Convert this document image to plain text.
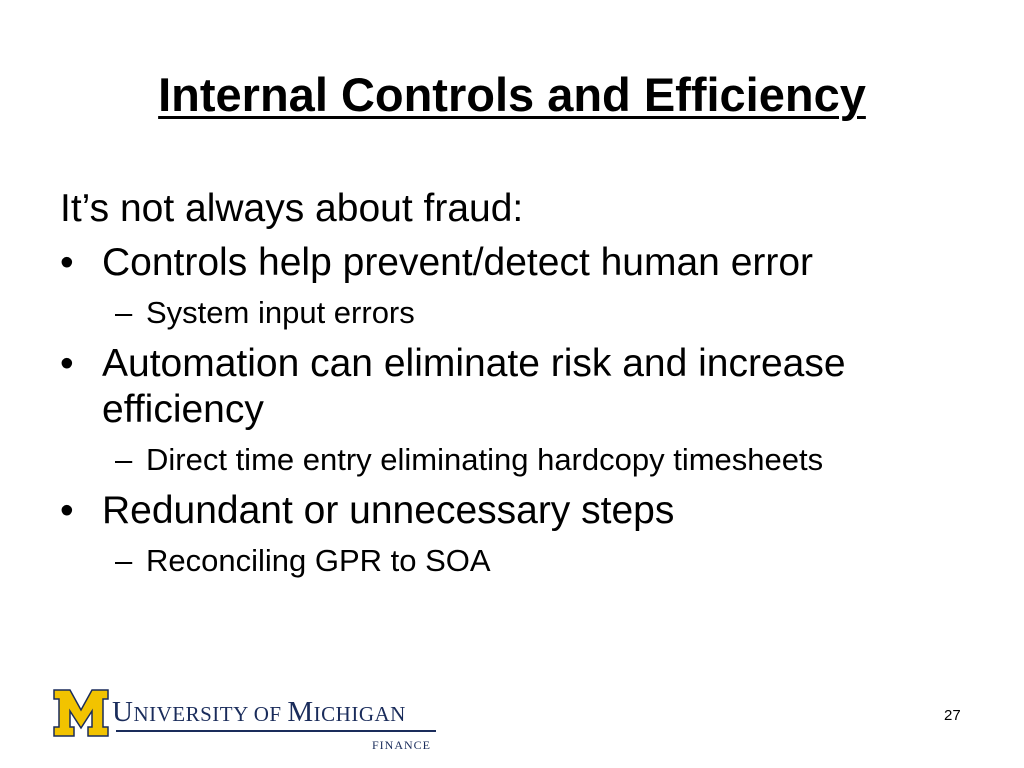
Internal Controls and Efficiency
It’s not always about fraud:
• Controls help prevent/detect human error
– System input errors
• Automation can eliminate risk and increase efficiency
– Direct time entry eliminating hardcopy timesheets
• Redundant or unnecessary steps
– Reconciling GPR to SOA
UNIVERSITY OF MICHIGAN
FINANCE
27
